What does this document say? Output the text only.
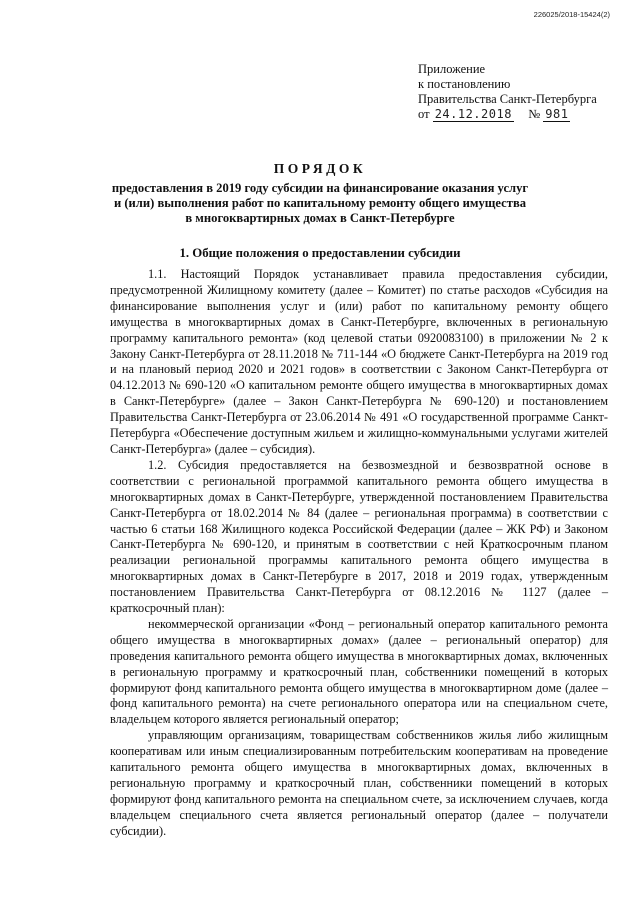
226025/2018-15424(2)
Приложение
к постановлению
Правительства Санкт-Петербурга
от 24.12.2018 № 981
ПОРЯДОК
предоставления в 2019 году субсидии на финансирование оказания услуг
и (или) выполнения работ по капитальному ремонту общего имущества
в многоквартирных домах в Санкт-Петербурге
1. Общие положения о предоставлении субсидии

1.1. Настоящий Порядок устанавливает правила предоставления субсидии, предусмотренной Жилищному комитету (далее – Комитет) по статье расходов «Субсидия на финансирование выполнения услуг и (или) работ по капитальному ремонту общего имущества в многоквартирных домах в Санкт-Петербурге, включенных в региональную программу капитального ремонта» (код целевой статьи 0920083100) в приложении № 2 к Закону Санкт-Петербурга от 28.11.2018 № 711-144 «О бюджете Санкт-Петербурга на 2019 год и на плановый период 2020 и 2021 годов» в соответствии с Законом Санкт-Петербурга от 04.12.2013 № 690-120 «О капитальном ремонте общего имущества в многоквартирных домах в Санкт-Петербурге» (далее – Закон Санкт-Петербурга № 690-120) и постановлением Правительства Санкт-Петербурга от 23.06.2014 № 491 «О государственной программе Санкт-Петербурга «Обеспечение доступным жильем и жилищно-коммунальными услугами жителей Санкт-Петербурга» (далее – субсидия).

1.2. Субсидия предоставляется на безвозмездной и безвозвратной основе в соответствии с региональной программой капитального ремонта общего имущества в многоквартирных домах в Санкт-Петербурге, утвержденной постановлением Правительства Санкт-Петербурга от 18.02.2014 № 84 (далее – региональная программа) в соответствии с частью 6 статьи 168 Жилищного кодекса Российской Федерации (далее – ЖК РФ) и Законом Санкт-Петербурга № 690-120, и принятым в соответствии с ней Краткосрочным планом реализации региональной программы капитального ремонта общего имущества в многоквартирных домах в Санкт-Петербурге в 2017, 2018 и 2019 годах, утвержденным постановлением Правительства Санкт-Петербурга от 08.12.2016 № 1127 (далее – краткосрочный план):

некоммерческой организации «Фонд – региональный оператор капитального ремонта общего имущества в многоквартирных домах» (далее – региональный оператор) для проведения капитального ремонта общего имущества в многоквартирных домах, включенных в региональную программу и краткосрочный план, собственники помещений в которых формируют фонд капитального ремонта общего имущества в многоквартирном доме (далее – фонд капитального ремонта) на счете регионального оператора или на специальном счете, владельцем которого является региональный оператор;

управляющим организациям, товариществам собственников жилья либо жилищным кооперативам или иным специализированным потребительским кооперативам на проведение капитального ремонта общего имущества в многоквартирных домах, включенных в региональную программу и краткосрочный план, собственники помещений в которых формируют фонд капитального ремонта на специальном счете, за исключением случаев, когда владельцем специального счета является региональный оператор (далее – получатели субсидии).
